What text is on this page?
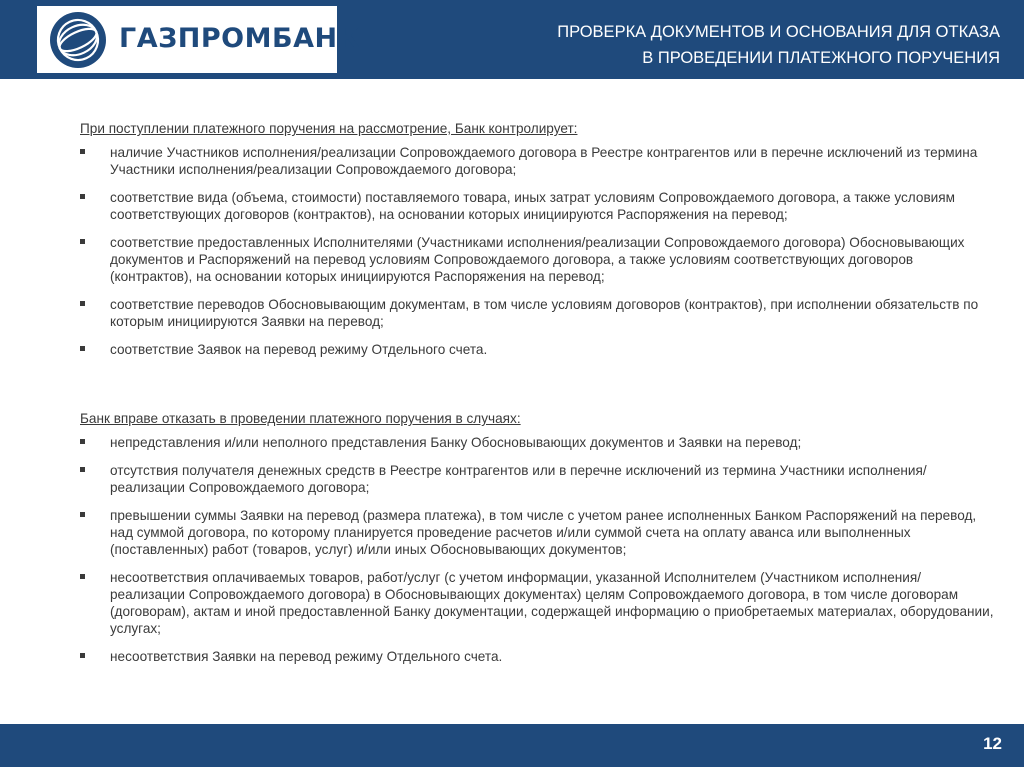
ГАЗПРОМБАНК	ПРОВЕРКА ДОКУМЕНТОВ И ОСНОВАНИЯ ДЛЯ ОТКАЗА
В ПРОВЕДЕНИИ ПЛАТЕЖНОГО ПОРУЧЕНИЯ
При поступлении платежного поручения на рассмотрение, Банк контролирует:
наличие Участников исполнения/реализации Сопровождаемого договора в Реестре контрагентов или в перечне исключений из термина Участники исполнения/реализации Сопровождаемого договора;
соответствие вида (объема, стоимости) поставляемого товара, иных затрат условиям Сопровождаемого договора, а также условиям соответствующих договоров (контрактов), на основании которых инициируются Распоряжения на перевод;
соответствие предоставленных Исполнителями (Участниками исполнения/реализации Сопровождаемого договора) Обосновывающих документов и Распоряжений на перевод условиям Сопровождаемого договора, а также условиям соответствующих договоров (контрактов), на основании которых инициируются Распоряжения на перевод;
соответствие переводов Обосновывающим документам, в том числе условиям договоров (контрактов), при исполнении обязательств по которым инициируются Заявки на перевод;
соответствие Заявок на перевод режиму Отдельного счета.
Банк вправе отказать в проведении платежного поручения в случаях:
непредставления и/или неполного представления Банку Обосновывающих документов и Заявки на перевод;
отсутствия получателя денежных средств в Реестре контрагентов или в перечне исключений из термина Участники исполнения/реализации Сопровождаемого договора;
превышении суммы Заявки на перевод (размера платежа), в том числе с учетом ранее исполненных Банком Распоряжений на перевод, над суммой договора, по которому планируется проведение расчетов и/или суммой счета на оплату аванса или выполненных (поставленных) работ (товаров, услуг) и/или иных Обосновывающих документов;
несоответствия оплачиваемых товаров, работ/услуг (с учетом информации, указанной Исполнителем (Участником исполнения/реализации Сопровождаемого договора) в Обосновывающих документах) целям Сопровождаемого договора, в том числе договорам (договорам), актам и иной предоставленной Банку документации, содержащей информацию о приобретаемых материалах, оборудовании, услугах;
несоответствия Заявки на перевод режиму Отдельного счета.
12
